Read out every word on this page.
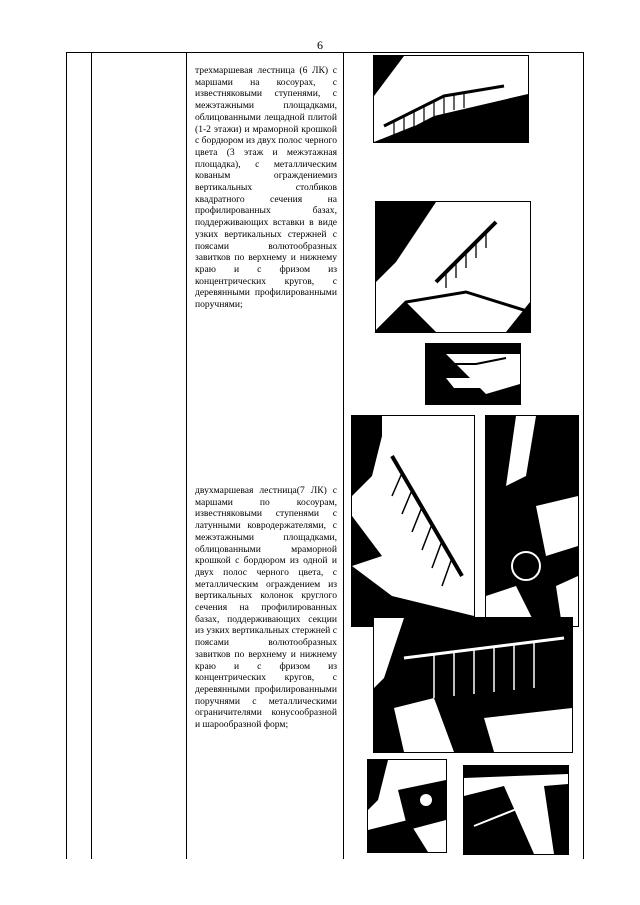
6
трехмаршевая лестница (6 ЛК) с маршами на косоурах, с известняковыми ступенями, с межэтажными площадками, облицованными лещадной плитой (1-2 этажи) и мраморной крошкой с бордюром из двух полос черного цвета (3 этаж и межэтажная площадка), с металлическим кованым ограждениемиз вертикальных столбиков квадратного сечения на профилированных базах, поддерживающих вставки в виде узких вертикальных стержней с поясами волютообразных завитков по верхнему и нижнему краю и с фризом из концентрических кругов, с деревянными профилированными поручнями;
двухмаршевая лестница(7 ЛК) с маршами по косоурам, известняковыми ступенями с латунными ковродержателями, с межэтажными площадками, облицованными мраморной крошкой с бордюром из одной и двух полос черного цвета, с металлическим ограждением из вертикальных колонок круглого сечения на профилированных базах, поддерживающих секции из узких вертикальных стержней с поясами волютообразных завитков по верхнему и нижнему краю и с фризом из концентрических кругов, с деревянными профилированными поручнями с металлическими ограничителями конусообразной и шарообразной форм;
